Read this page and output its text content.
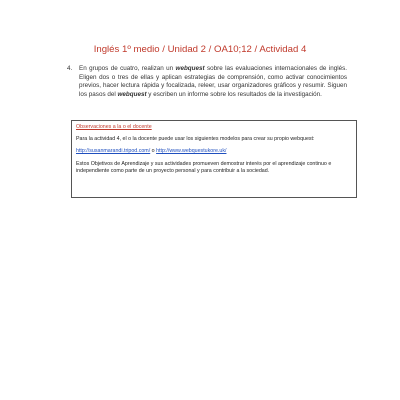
Inglés 1º medio / Unidad 2 / OA10;12 / Actividad 4
4.	En grupos de cuatro, realizan un webquest sobre las evaluaciones internacionales de inglés. Eligen dos o tres de ellas y aplican estrategias de comprensión, como activar conocimientos previos, hacer lectura rápida y focalizada, releer, usar organizadores gráficos y resumir. Siguen los pasos del webquest y escriben un informe sobre los resultados de la investigación.
Observaciones a la o el docente

Para la actividad 4, el o la docente puede usar los siguientes modelos para crear su propio webquest:

http://susanmarandi.tripod.com/ o http://www.webquestukore.uk/

Estos Objetivos de Aprendizaje y sus actividades promueven demostrar interés por el aprendizaje continuo e independiente como parte de un proyecto personal y para contribuir a la sociedad.
